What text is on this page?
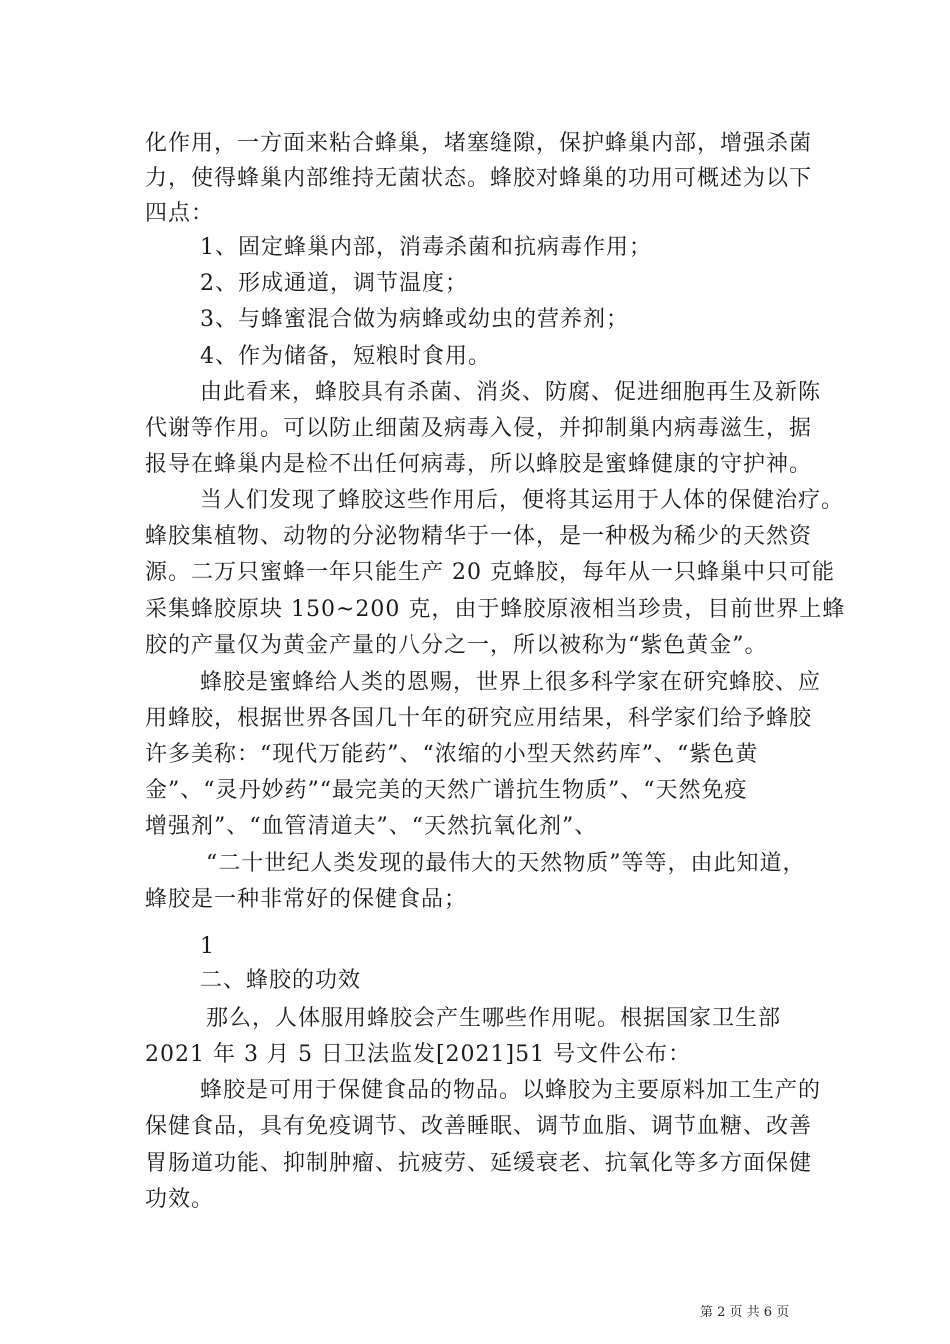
化作用，一方面来粘合蜂巢，堵塞缝隙，保护蜂巢内部，增强杀菌
力，使得蜂巢内部维持无菌状态。蜂胶对蜂巢的功用可概述为以下
四点：
1、固定蜂巢内部，消毒杀菌和抗病毒作用；
2、形成通道，调节温度；
3、与蜂蜜混合做为病蜂或幼虫的营养剂；
4、作为储备，短粮时食用。
由此看来，蜂胶具有杀菌、消炎、防腐、促进细胞再生及新陈
代谢等作用。可以防止细菌及病毒入侵，并抑制巢内病毒滋生，据
报导在蜂巢内是检不出任何病毒，所以蜂胶是蜜蜂健康的守护神。
当人们发现了蜂胶这些作用后，便将其运用于人体的保健治疗。
蜂胶集植物、动物的分泌物精华于一体，是一种极为稀少的天然资
源。二万只蜜蜂一年只能生产 20 克蜂胶，每年从一只蜂巢中只可能
采集蜂胶原块 150~200 克，由于蜂胶原液相当珍贵，目前世界上蜂
胶的产量仅为黄金产量的八分之一，所以被称为“紫色黄金”。
蜂胶是蜜蜂给人类的恩赐，世界上很多科学家在研究蜂胶、应
用蜂胶，根据世界各国几十年的研究应用结果，科学家们给予蜂胶
许多美称：“现代万能药”、“浓缩的小型天然药库”、“紫色黄
金”、“灵丹妙药”“最完美的天然广谱抗生物质”、“天然免疫
增强剂”、“血管清道夫”、“天然抗氧化剂”、
“二十世纪人类发现的最伟大的天然物质”等等，由此知道，
蜂胶是一种非常好的保健食品；
1
二、蜂胶的功效
那么，人体服用蜂胶会产生哪些作用呢。根据国家卫生部
2021 年 3 月 5 日卫法监发[2021]51 号文件公布：
蜂胶是可用于保健食品的物品。以蜂胶为主要原料加工生产的
保健食品，具有免疫调节、改善睡眠、调节血脂、调节血糖、改善
胃肠道功能、抑制肿瘤、抗疲劳、延缓衰老、抗氧化等多方面保健
功效。
第 2 页 共 6 页
